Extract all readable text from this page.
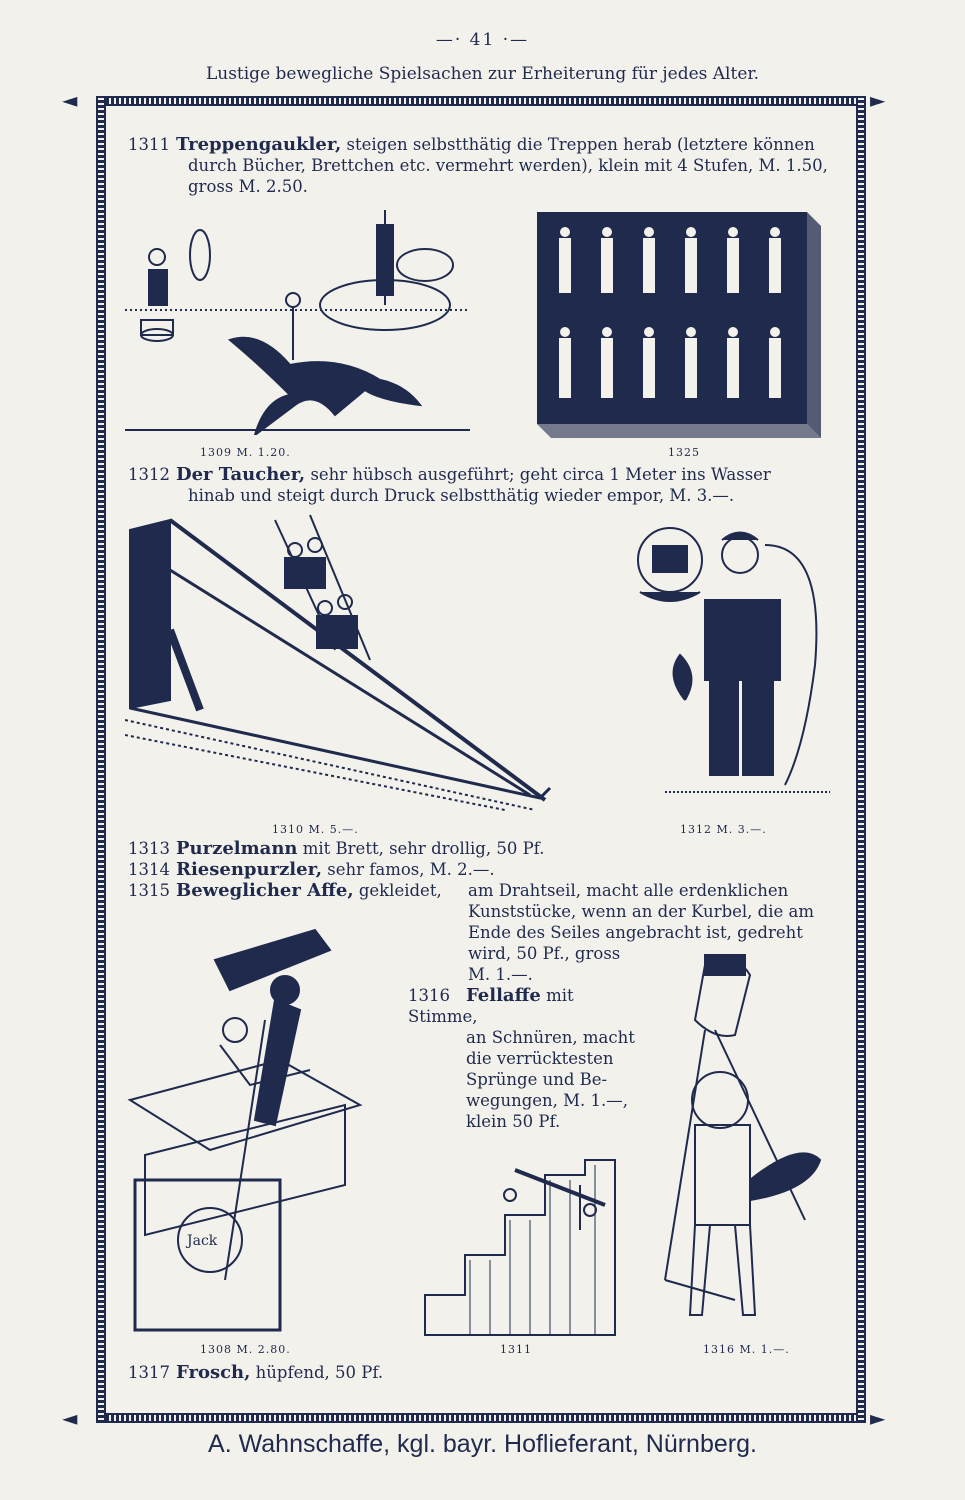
—· 41 ·—
Lustige bewegliche Spielsachen zur Erheiterung für jedes Alter.
◄	►
◄	►
1311 Treppengaukler, steigen selbstthätig die Treppen herab (letztere können
durch Bücher, Brettchen etc. vermehrt werden), klein mit 4 Stufen, M. 1.50,
gross M. 2.50.
1309 M. 1.20.	1325
1312 Der Taucher, sehr hübsch ausgeführt; geht circa 1 Meter ins Wasser
hinab und steigt durch Druck selbstthätig wieder empor, M. 3.—.
1310 M. 5.—.	1312 M. 3.—.
1313 Purzelmann mit Brett, sehr drollig, 50 Pf.
1314 Riesenpurzler, sehr famos, M. 2.—.
1315 Beweglicher Affe, gekleidet,	am Drahtseil, macht alle erdenklichen
Kunststücke, wenn an der Kurbel, die am
Ende des Seiles angebracht ist, gedreht
wird, 50 Pf., gross
M. 1.—.
1316 Fellaffe mit Stimme,
an Schnüren, macht
die verrücktesten
Sprünge und Be-
wegungen, M. 1.—,
klein 50 Pf.
Jack
1308 M. 2.80.	1311	1316 M. 1.—.
1317 Frosch, hüpfend, 50 Pf.
A. Wahnschaffe, kgl. bayr. Hoflieferant, Nürnberg.
